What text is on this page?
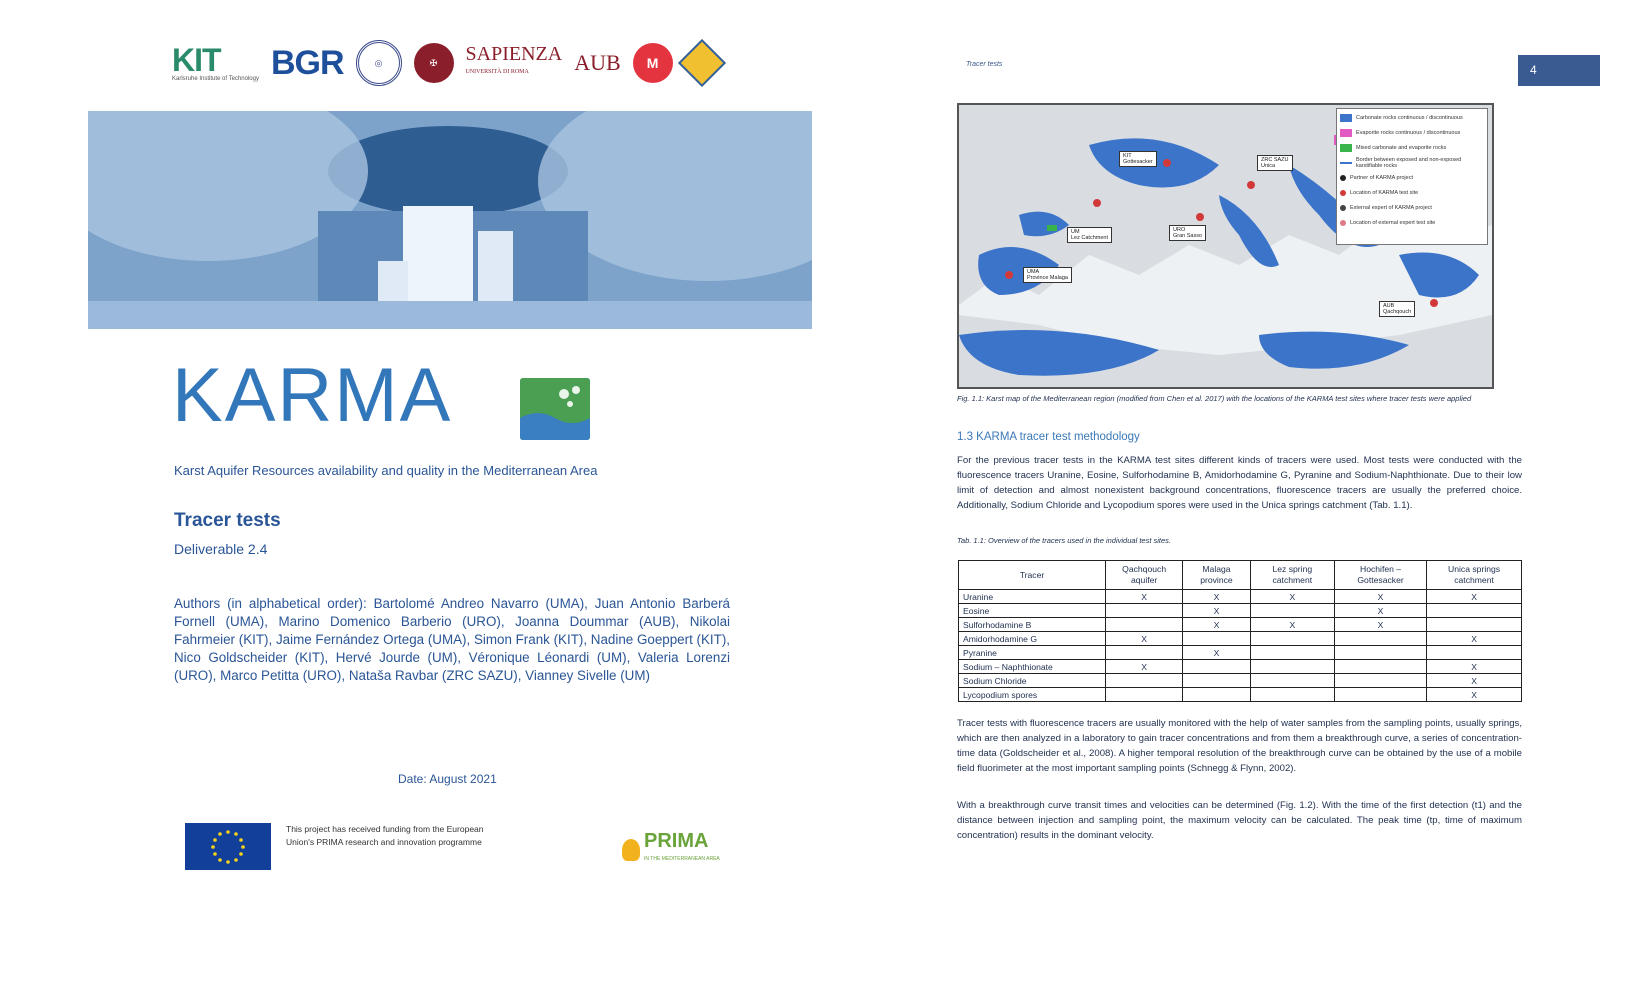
KIT
Karlsruhe Institute of Technology BGR	◎	✠	SAPIENZA
UNIVERSITÀ DI ROMA	AUB	M
KARMA
Karst Aquifer Resources availability and quality in the Mediterranean Area
Tracer tests
Deliverable 2.4
Authors (in alphabetical order): Bartolomé Andreo Navarro (UMA), Juan Antonio Barberá Fornell (UMA), Marino Domenico Barberio (URO), Joanna Doummar (AUB), Nikolai Fahrmeier (KIT), Jaime Fernández Ortega (UMA), Simon Frank (KIT), Nadine Goeppert (KIT), Nico Goldscheider (KIT), Hervé Jourde (UM), Véronique Léonardi (UM), Valeria Lorenzi (URO), Marco Petitta (URO), Nataša Ravbar (ZRC SAZU), Vianney Sivelle (UM)
Date: August 2021
This project has received funding from the European Union's PRIMA research and innovation programme	PRIMA
IN THE MEDITERRANEAN AREA
Tracer tests	4
KIT
Gottesacker	ZRC SAZU
Unica
UM
Lez Catchment
URO
Gran Sasso
UMA
Province Malaga
AUB
Qachqouch
Carbonate rocks continuous / discontinuous
Evaporite rocks continuous / discontinuous
Mixed carbonate and evaporite rocks
Border between exposed and non-exposed karstifiable rocks
Partner of KARMA project
Location of KARMA test site
External expert of KARMA project
Location of external expert test site
Fig. 1.1: Karst map of the Mediterranean region (modified from Chen et al. 2017) with the locations of the KARMA test sites where tracer tests were applied
1.3 KARMA tracer test methodology
For the previous tracer tests in the KARMA test sites different kinds of tracers were used. Most tests were conducted with the fluorescence tracers Uranine, Eosine, Sulforhodamine B, Amidorhodamine G, Pyranine and Sodium-Naphthionate. Due to their low limit of detection and almost nonexistent background concentrations, fluorescence tracers are usually the preferred choice. Additionally, Sodium Chloride and Lycopodium spores were used in the Unica springs catchment (Tab. 1.1).
Tab. 1.1: Overview of the tracers used in the individual test sites.
Tracer	Qachqouch aquifer	Malaga province	Lez spring catchment	Hochifen – Gottesacker	Unica springs catchment
Uranine	X	X	X	X	X
Eosine		X		X	
Sulforhodamine B		X	X	X	
Amidorhodamine G	X				X
Pyranine		X			
Sodium – Naphthionate	X				X
Sodium Chloride					X
Lycopodium spores					X
Tracer tests with fluorescence tracers are usually monitored with the help of water samples from the sampling points, usually springs, which are then analyzed in a laboratory to gain tracer concentrations and from them a breakthrough curve, a series of concentration-time data (Goldscheider et al., 2008). A higher temporal resolution of the breakthrough curve can be obtained by the use of a mobile field fluorimeter at the most important sampling points (Schnegg & Flynn, 2002).
With a breakthrough curve transit times and velocities can be determined (Fig. 1.2). With the time of the first detection (t1) and the distance between injection and sampling point, the maximum velocity can be calculated. The peak time (tp, time of maximum concentration) results in the dominant velocity.
